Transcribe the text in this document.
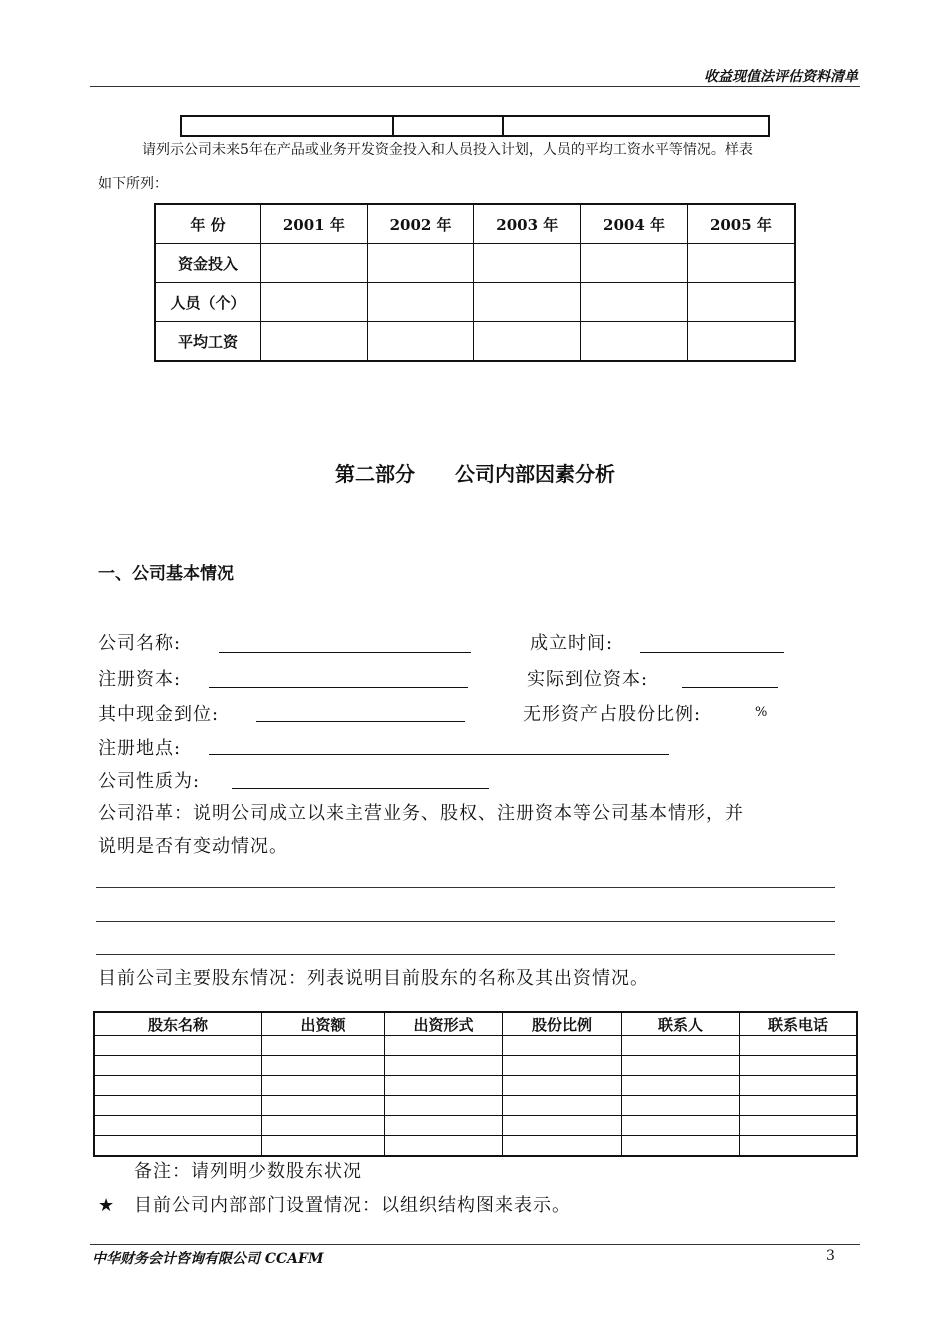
收益现值法评估资料清单

请列示公司未来5年在产品或业务开发资金投入和人员投入计划，人员的平均工资水平等情况。样表
如下所列：
年 份	2001 年	2002 年	2003 年	2004 年	2005 年
资金投入					
人员（个）					
平均工资					
第二部分　　公司内部因素分析
一、公司基本情况
公司名称:	成立时间:
注册资本:	实际到位资本:
其中现金到位:	无形资产占股份比例:	%
注册地点:
公司性质为:
公司沿革：说明公司成立以来主营业务、股权、注册资本等公司基本情形，并
说明是否有变动情况。
目前公司主要股东情况：列表说明目前股东的名称及其出资情况。
股东名称	出资额	出资形式	股份比例	联系人	联系电话

备注：请列明少数股东状况
★ 目前公司内部部门设置情况：以组织结构图来表示。
中华财务会计咨询有限公司 CCAFM	3
